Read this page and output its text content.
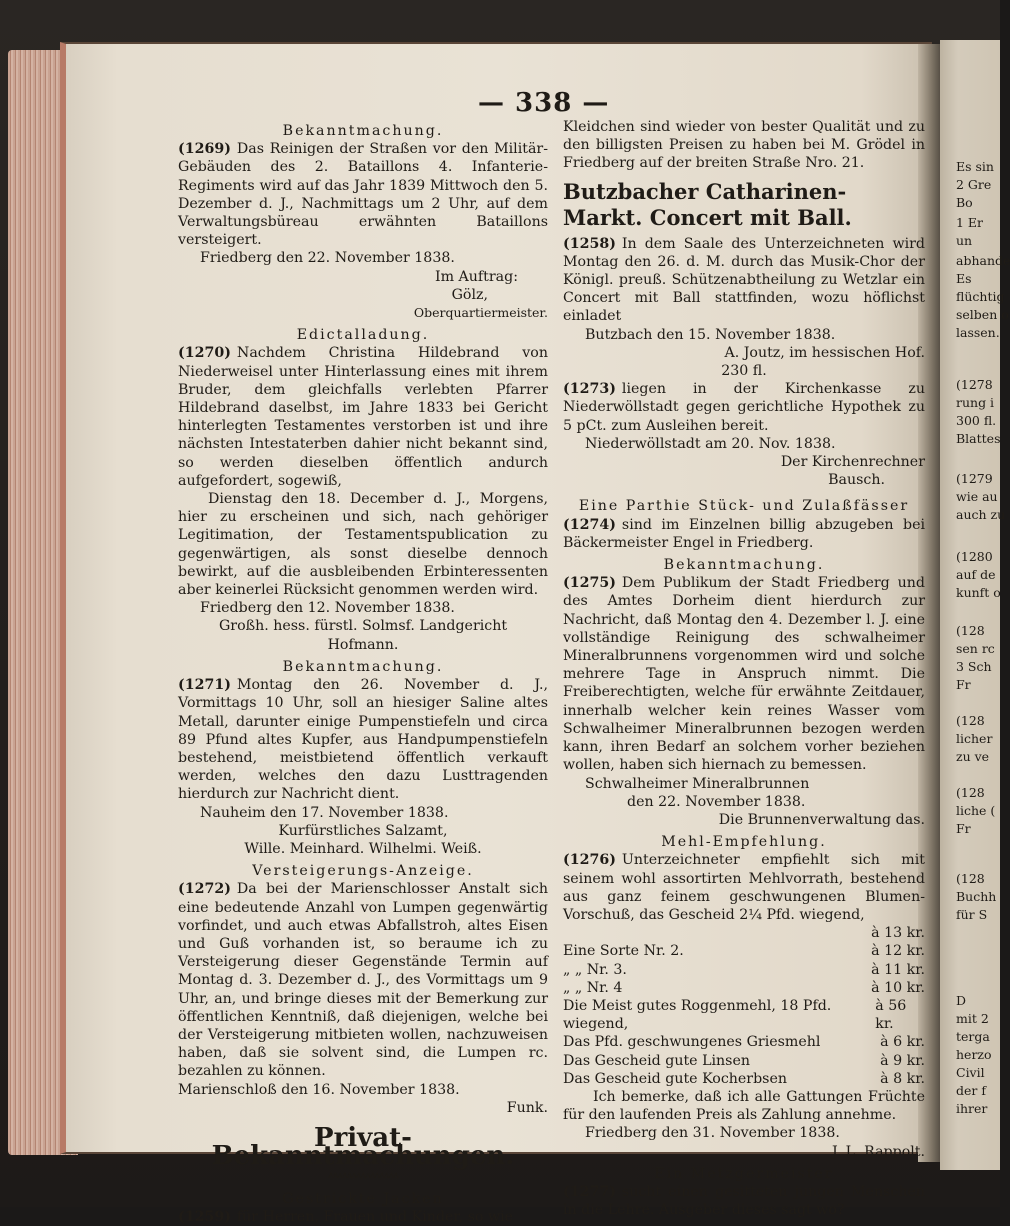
Es sin
2 Gre
Bo
1 Er
un
abhande
Es
flüchtig
selben o
lassen.
(1278
rung i
300 fl.
Blattes
(1279
wie au
auch zu
(1280
auf de
kunft o
(128
sen rc
3 Sch
Fr
(128
licher
zu ve
(128
liche (
Fr
(128
Buchh
für S
D
mit 2
terga
herzo
Civil
der f
ihrer
— 338 —
Bekanntmachung.
(1269) Das Reinigen der Straßen vor den Militär-Gebäuden des 2. Bataillons 4. Infanterie-Regiments wird auf das Jahr 1839 Mittwoch den 5. Dezember d. J., Nachmittags um 2 Uhr, auf dem Verwaltungsbüreau erwähnten Bataillons versteigert.
Friedberg den 22. November 1838.
Im Auftrag:
Gölz,
Oberquartiermeister.
Edictalladung.
(1270) Nachdem Christina Hildebrand von Niederweisel unter Hinterlassung eines mit ihrem Bruder, dem gleichfalls verlebten Pfarrer Hildebrand daselbst, im Jahre 1833 bei Gericht hinterlegten Testamentes verstorben ist und ihre nächsten Intestaterben dahier nicht bekannt sind, so werden dieselben öffentlich andurch aufgefordert, sogewiß,
Dienstag den 18. December d. J., Morgens, hier zu erscheinen und sich, nach gehöriger Legitimation, der Testamentspublication zu gegenwärtigen, als sonst dieselbe dennoch bewirkt, auf die ausbleibenden Erbinteressenten aber keinerlei Rücksicht genommen werden wird.
Friedberg den 12. November 1838.
Großh. hess. fürstl. Solmsf. Landgericht
Hofmann.
Bekanntmachung.
(1271) Montag den 26. November d. J., Vormittags 10 Uhr, soll an hiesiger Saline altes Metall, darunter einige Pumpenstiefeln und circa 89 Pfund altes Kupfer, aus Handpumpenstiefeln bestehend, meistbietend öffentlich verkauft werden, welches den dazu Lusttragenden hierdurch zur Nachricht dient.
Nauheim den 17. November 1838.
Kurfürstliches Salzamt,
Wille. Meinhard. Wilhelmi. Weiß.
Versteigerungs-Anzeige.
(1272) Da bei der Marienschlosser Anstalt sich eine bedeutende Anzahl von Lumpen gegenwärtig vorfindet, und auch etwas Abfallstroh, altes Eisen und Guß vorhanden ist, so beraume ich zu Versteigerung dieser Gegenstände Termin auf Montag d. 3. Dezember d. J., des Vormittags um 9 Uhr, an, und bringe dieses mit der Bemerkung zur öffentlichen Kenntniß, daß diejenigen, welche bei der Versteigerung mitbieten wollen, nachzuweisen haben, daß sie solvent sind, die Lumpen rc. bezahlen zu können.
Marienschloß den 16. November 1838.
Funk.
Privat-Bekanntmachungen.
ʌʌʌʌʌʌʌʌʌʌʌʌʌʌʌ
Gestrickte Jacken
(1259) für Herren, Frauen und Kinder, so wie
Kleidchen sind wieder von bester Qualität und zu den billigsten Preisen zu haben bei M. Grödel in Friedberg auf der breiten Straße Nro. 21.
Butzbacher Catharinen-Markt. Concert mit Ball.
(1258) In dem Saale des Unterzeichneten wird Montag den 26. d. M. durch das Musik-Chor der Königl. preuß. Schützenabtheilung zu Wetzlar ein Concert mit Ball stattfinden, wozu höflichst einladet
Butzbach den 15. November 1838.
A. Joutz, im hessischen Hof.
230 fl.
(1273) liegen in der Kirchenkasse zu Niederwöllstadt gegen gerichtliche Hypothek zu 5 pCt. zum Ausleihen bereit.
Niederwöllstadt am 20. Nov. 1838.
Der Kirchenrechner
Bausch.
Eine Parthie Stück- und Zulaßfässer
(1274) sind im Einzelnen billig abzugeben bei Bäckermeister Engel in Friedberg.
Bekanntmachung.
(1275) Dem Publikum der Stadt Friedberg und des Amtes Dorheim dient hierdurch zur Nachricht, daß Montag den 4. Dezember l. J. eine vollständige Reinigung des schwalheimer Mineralbrunnens vorgenommen wird und solche mehrere Tage in Anspruch nimmt. Die Freiberechtigten, welche für erwähnte Zeitdauer, innerhalb welcher kein reines Wasser vom Schwalheimer Mineralbrunnen bezogen werden kann, ihren Bedarf an solchem vorher beziehen wollen, haben sich hiernach zu bemessen.
Schwalheimer Mineralbrunnen
den 22. November 1838.
Die Brunnenverwaltung das.
Mehl-Empfehlung.
(1276) Unterzeichneter empfiehlt sich mit seinem wohl assortirten Mehlvorrath, bestehend aus ganz feinem geschwungenen Blumen-Vorschuß, das Gescheid 2¼ Pfd. wiegend,
à 13 kr.
Eine Sorte Nr. 2.	à 12 kr.
„ „ Nr. 3.	à 11 kr.
„ „ Nr. 4	à 10 kr.
Die Meist gutes Roggenmehl, 18 Pfd. wiegend,
à 56 kr.
Das Pfd. geschwungenes Griesmehl	à 6 kr.
Das Gescheid gute Linsen	à 9 kr.
Das Gescheid gute Kocherbsen	à 8 kr.
Ich bemerke, daß ich alle Gattungen Früchte für den laufenden Preis als Zahlung annehme.
Friedberg den 31. November 1838.
J. L. Rappolt.
Ein Metzgermeister
(1277) sucht einen gesitteten jungen Menschen in die Lehre. Ausgeber dieses sagt wo?
